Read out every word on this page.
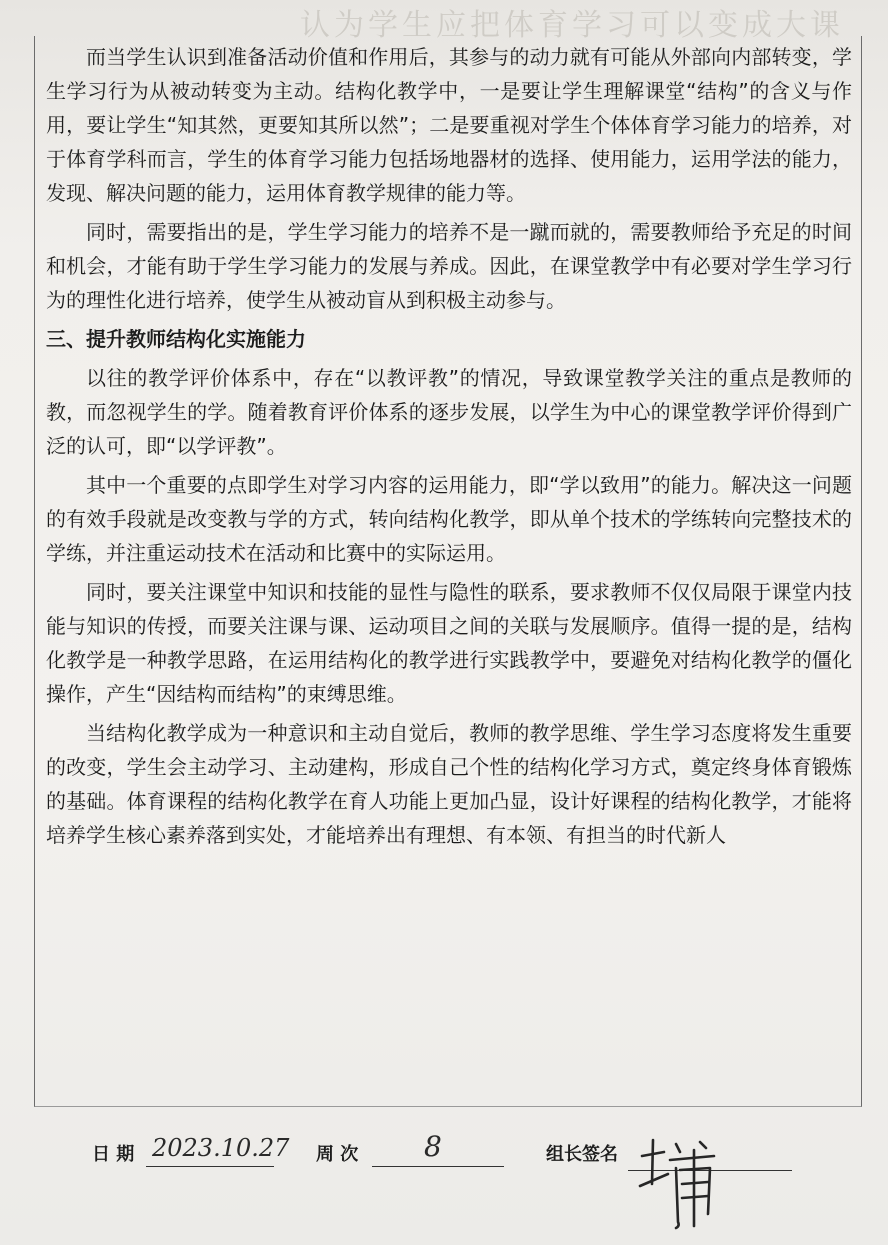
认为学生应把体育学习可以变成大课

而当学生认识到准备活动价值和作用后，其参与的动力就有可能从外部向内部转变，学生学习行为从被动转变为主动。结构化教学中，一是要让学生理解课堂“结构”的含义与作用，要让学生“知其然，更要知其所以然”；二是要重视对学生个体体育学习能力的培养，对于体育学科而言，学生的体育学习能力包括场地器材的选择、使用能力，运用学法的能力，发现、解决问题的能力，运用体育教学规律的能力等。

同时，需要指出的是，学生学习能力的培养不是一蹴而就的，需要教师给予充足的时间和机会，才能有助于学生学习能力的发展与养成。因此，在课堂教学中有必要对学生学习行为的理性化进行培养，使学生从被动盲从到积极主动参与。

三、提升教师结构化实施能力

以往的教学评价体系中，存在“以教评教”的情况，导致课堂教学关注的重点是教师的教，而忽视学生的学。随着教育评价体系的逐步发展，以学生为中心的课堂教学评价得到广泛的认可，即“以学评教”。

其中一个重要的点即学生对学习内容的运用能力，即“学以致用”的能力。解决这一问题的有效手段就是改变教与学的方式，转向结构化教学，即从单个技术的学练转向完整技术的学练，并注重运动技术在活动和比赛中的实际运用。

同时，要关注课堂中知识和技能的显性与隐性的联系，要求教师不仅仅局限于课堂内技能与知识的传授，而要关注课与课、运动项目之间的关联与发展顺序。值得一提的是，结构化教学是一种教学思路，在运用结构化的教学进行实践教学中，要避免对结构化教学的僵化操作，产生“因结构而结构”的束缚思维。

当结构化教学成为一种意识和主动自觉后，教师的教学思维、学生学习态度将发生重要的改变，学生会主动学习、主动建构，形成自己个性的结构化学习方式，奠定终身体育锻炼的基础。体育课程的结构化教学在育人功能上更加凸显，设计好课程的结构化教学，才能将培养学生核心素养落到实处，才能培养出有理想、有本领、有担当的时代新人

日 期 2023.10.27 周 次 8	组长签名
